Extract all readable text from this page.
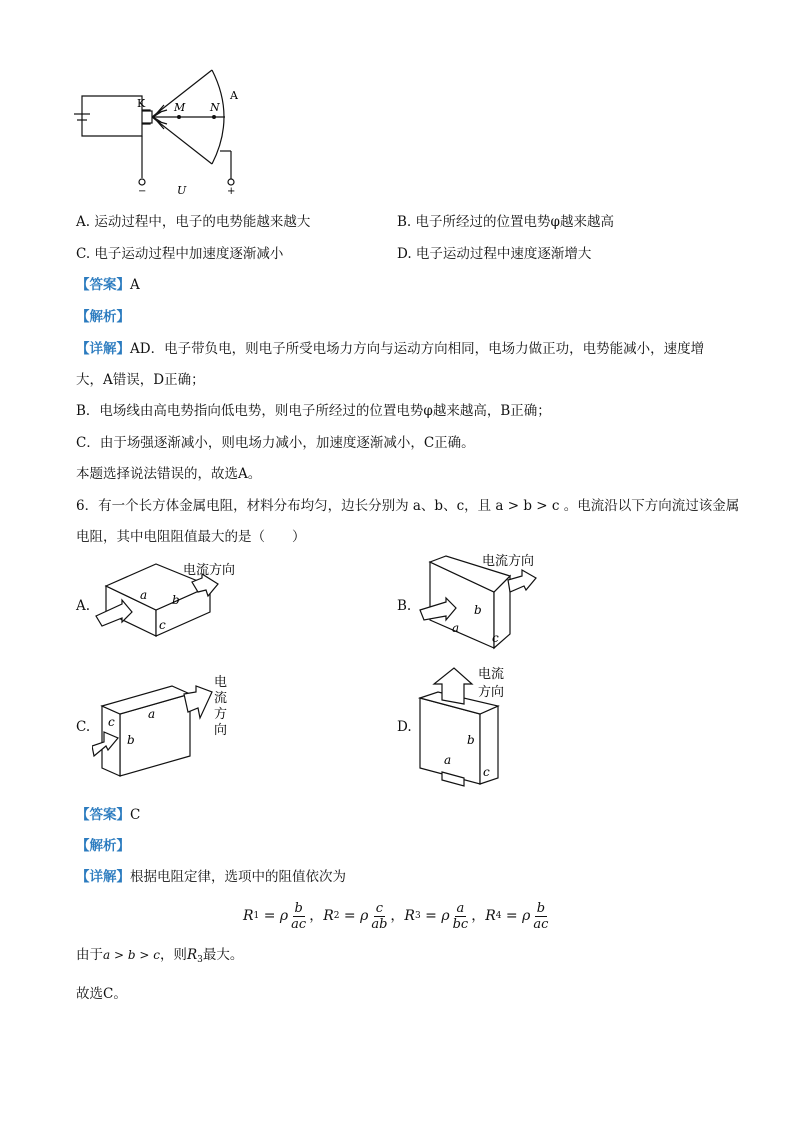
K	M N
A
−	U	+
A. 运动过程中，电子的电势能越来越大	B. 电子所经过的位置电势φ越来越高
C. 电子运动过程中加速度逐渐减小	D. 电子运动过程中速度逐渐增大
【答案】A
【解析】
【详解】AD．电子带负电，则电子所受电场力方向与运动方向相同，电场力做正功，电势能减小，速度增
大，A错误，D正确；
B．电场线由高电势指向低电势，则电子所经过的位置电势φ越来越高，B正确；
C．由于场强逐渐减小，则电场力减小，加速度逐渐减小，C正确。
本题选择说法错误的，故选A。
6．有一个长方体金属电阻，材料分布均匀，边长分别为 a、b、c，且 a > b > c 。电流沿以下方向流过该金属
电阻，其中电阻阻值最大的是（　　）
A.
电流方向
a b
c
B.
电流方向
a
b
c
C.
电
流
方
向
a
b
c	D.
电流
方向
a
b
c
【答案】C
【解析】
【详解】根据电阻定律，选项中的阻值依次为
R 1 = ρ $\frac{b}{ac}$ ， R 2 = ρ $\frac{c}{ab}$ ， R 3 = ρ $\frac{a}{bc}$ ， R 4 = ρ $\frac{b}{ac}$
由于a > b > c，则$R_3$最大。
故选C。
